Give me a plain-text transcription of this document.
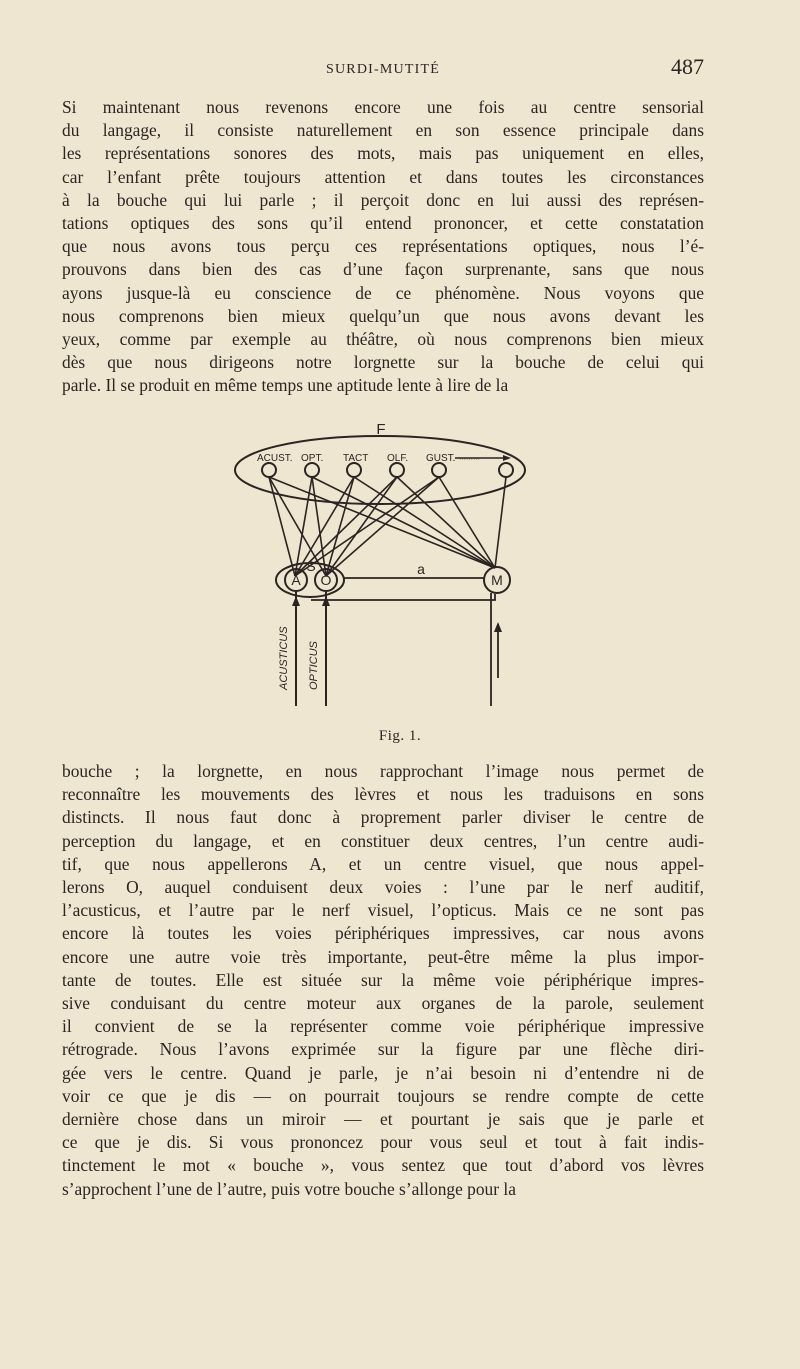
SURDI-MUTITÉ	487
Si maintenant nous revenons encore une fois au centre sensorial
du langage, il consiste naturellement en son essence principale dans
les représentations sonores des mots, mais pas uniquement en elles,
car l’enfant prête toujours attention et dans toutes les circonstances
à la bouche qui lui parle ; il perçoit donc en lui aussi des représen-
tations optiques des sons qu’il entend prononcer, et cette constatation
que nous avons tous perçu ces représentations optiques, nous l’é-
prouvons dans bien des cas d’une façon surprenante, sans que nous
ayons jusque-là eu conscience de ce phénomène. Nous voyons que
nous comprenons bien mieux quelqu’un que nous avons devant les
yeux, comme par exemple au théâtre, où nous comprenons bien mieux
dès que nous dirigeons notre lorgnette sur la bouche de celui qui
parle. Il se produit en même temps une aptitude lente à lire de la
F
ACUST. OPT. TACT OLF. GUST. ·········
A O
S
M
a
ACUSTICUS OPTICUS
Fig. 1.
bouche ; la lorgnette, en nous rapprochant l’image nous permet de
reconnaître les mouvements des lèvres et nous les traduisons en sons
distincts. Il nous faut donc à proprement parler diviser le centre de
perception du langage, et en constituer deux centres, l’un centre audi-
tif, que nous appellerons A, et un centre visuel, que nous appel-
lerons O, auquel conduisent deux voies : l’une par le nerf auditif,
l’acusticus, et l’autre par le nerf visuel, l’opticus. Mais ce ne sont pas
encore là toutes les voies périphériques impressives, car nous avons
encore une autre voie très importante, peut-être même la plus impor-
tante de toutes. Elle est située sur la même voie périphérique impres-
sive conduisant du centre moteur aux organes de la parole, seulement
il convient de se la représenter comme voie périphérique impressive
rétrograde. Nous l’avons exprimée sur la figure par une flèche diri-
gée vers le centre. Quand je parle, je n’ai besoin ni d’entendre ni de
voir ce que je dis — on pourrait toujours se rendre compte de cette
dernière chose dans un miroir — et pourtant je sais que je parle et
ce que je dis. Si vous prononcez pour vous seul et tout à fait indis-
tinctement le mot « bouche », vous sentez que tout d’abord vos lèvres
s’approchent l’une de l’autre, puis votre bouche s’allonge pour la
